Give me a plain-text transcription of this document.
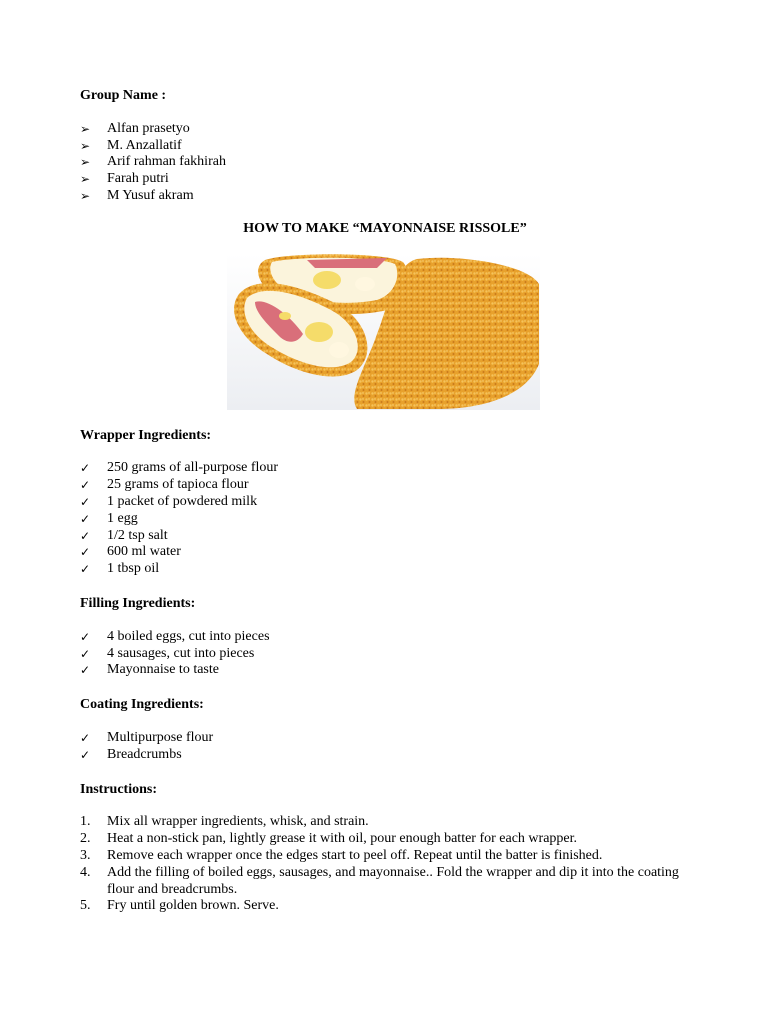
Group Name :

➢	Alfan prasetyo
➢	M. Anzallatif
➢	Arif rahman fakhirah
➢	Farah putri
➢	M Yusuf akram

HOW TO MAKE “MAYONNAISE RISSOLE”

Wrapper Ingredients:

✓	250 grams of all-purpose flour
✓	25 grams of tapioca flour
✓	1 packet of powdered milk
✓	1 egg
✓	1/2 tsp salt
✓	600 ml water
✓	1 tbsp oil

Filling Ingredients:

✓	4 boiled eggs, cut into pieces
✓	4 sausages, cut into pieces
✓	Mayonnaise to taste

Coating Ingredients:

✓	Multipurpose flour
✓	Breadcrumbs

Instructions:

1. Mix all wrapper ingredients, whisk, and strain.
2. Heat a non-stick pan, lightly grease it with oil, pour enough batter for each wrapper.
3. Remove each wrapper once the edges start to peel off. Repeat until the batter is finished.
4. Add the filling of boiled eggs, sausages, and mayonnaise.. Fold the wrapper and dip it into the coating flour and breadcrumbs.
5. Fry until golden brown. Serve.
